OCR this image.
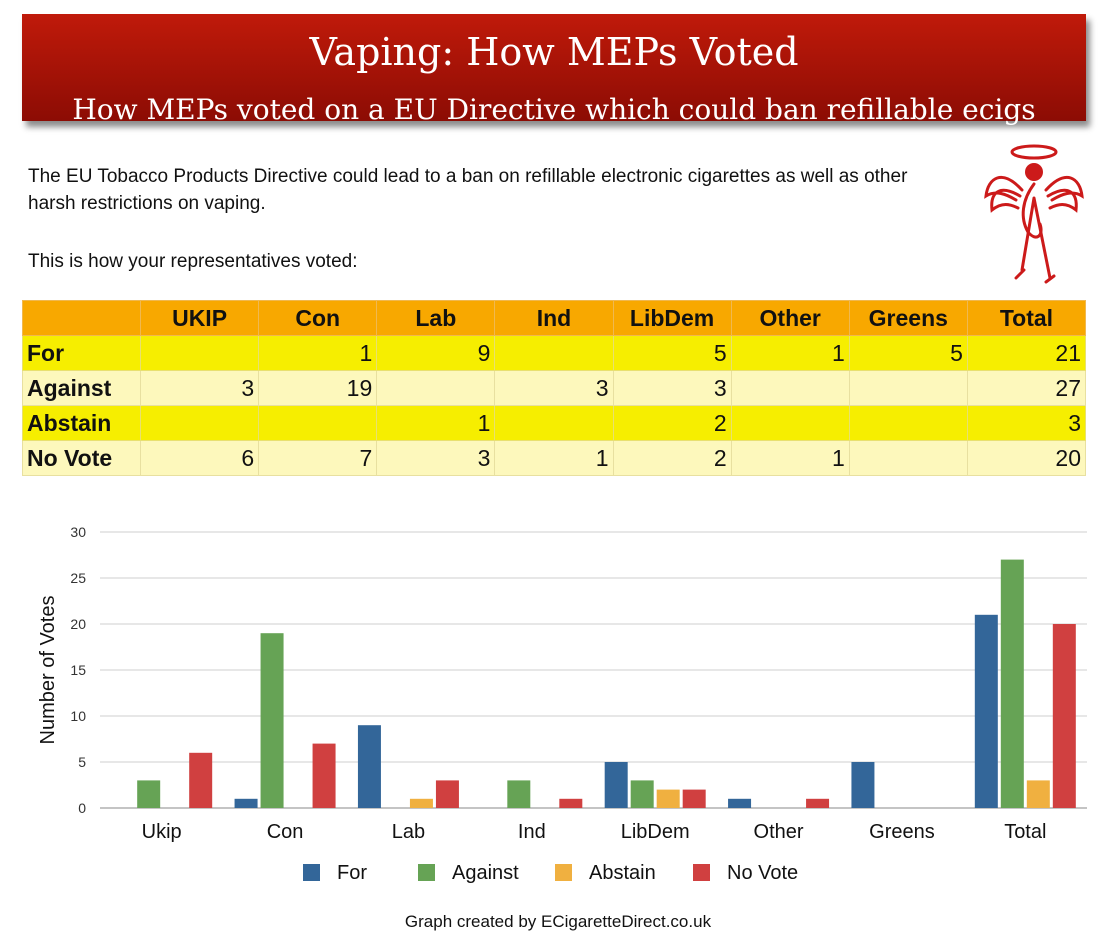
Vaping: How MEPs Voted
How MEPs voted on a EU Directive which could ban refillable ecigs
The EU Tobacco Products Directive could lead to a ban on refillable electronic cigarettes as well as other harsh restrictions on vaping.
This is how your representatives voted:
	UKIP	Con	Lab	Ind	LibDem	Other	Greens	Total
For		1	9		5	1	5	21
Against	3	19		3	3			27
Abstain			1		2			3
No Vote	6	7	3	1	2	1		20
0
5
10
15
20
25
30
Number of Votes
Ukip	Con	Lab	Ind	LibDem	Other	Greens	Total
For	Against	Abstain	No Vote
Graph created by ECigaretteDirect.co.uk
